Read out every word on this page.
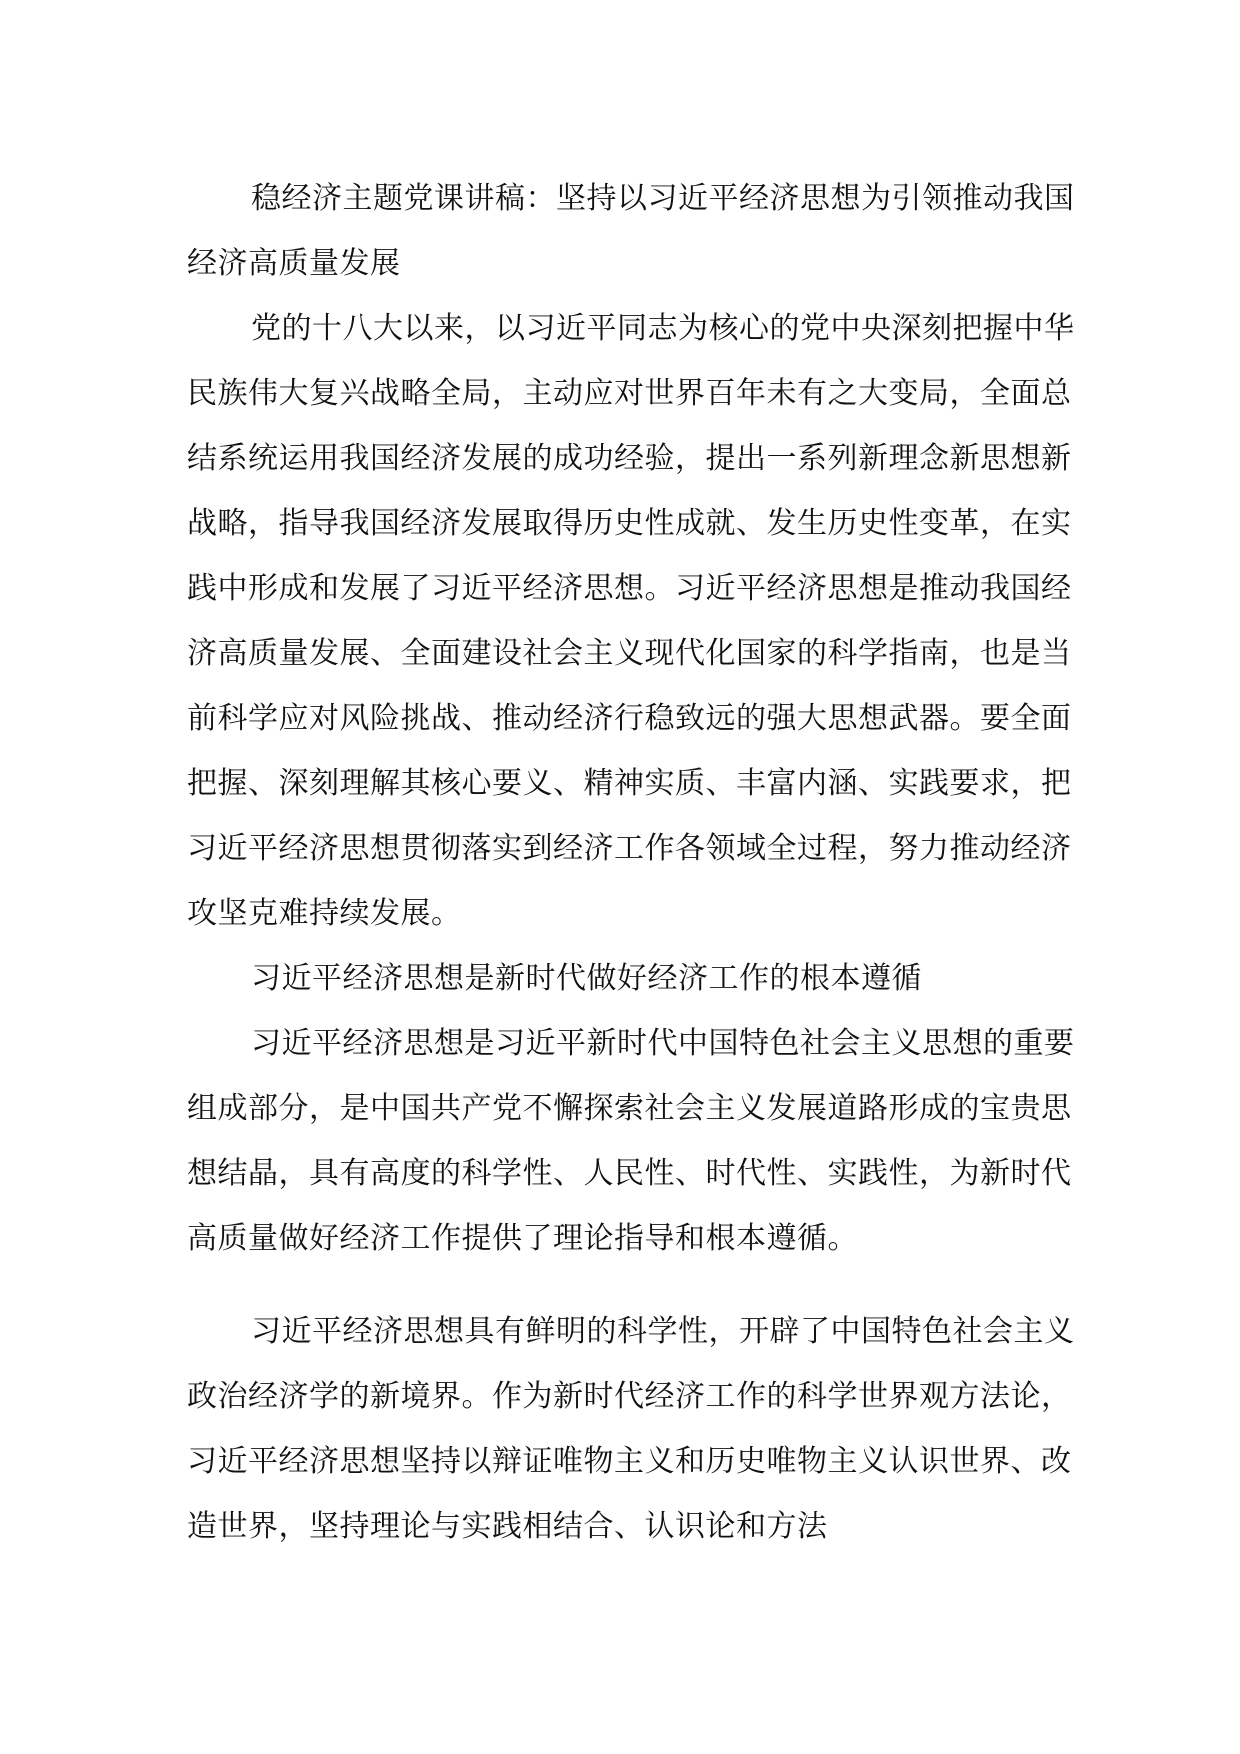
稳经济主题党课讲稿：坚持以习近平经济思想为引领推动我国经济高质量发展

党的十八大以来，以习近平同志为核心的党中央深刻把握中华民族伟大复兴战略全局，主动应对世界百年未有之大变局，全面总结系统运用我国经济发展的成功经验，提出一系列新理念新思想新战略，指导我国经济发展取得历史性成就、发生历史性变革，在实践中形成和发展了习近平经济思想。习近平经济思想是推动我国经济高质量发展、全面建设社会主义现代化国家的科学指南，也是当前科学应对风险挑战、推动经济行稳致远的强大思想武器。要全面把握、深刻理解其核心要义、精神实质、丰富内涵、实践要求，把习近平经济思想贯彻落实到经济工作各领域全过程，努力推动经济攻坚克难持续发展。

习近平经济思想是新时代做好经济工作的根本遵循

习近平经济思想是习近平新时代中国特色社会主义思想的重要组成部分，是中国共产党不懈探索社会主义发展道路形成的宝贵思想结晶，具有高度的科学性、人民性、时代性、实践性，为新时代高质量做好经济工作提供了理论指导和根本遵循。

习近平经济思想具有鲜明的科学性，开辟了中国特色社会主义政治经济学的新境界。作为新时代经济工作的科学世界观方法论，习近平经济思想坚持以辩证唯物主义和历史唯物主义认识世界、改造世界，坚持理论与实践相结合、认识论和方法
